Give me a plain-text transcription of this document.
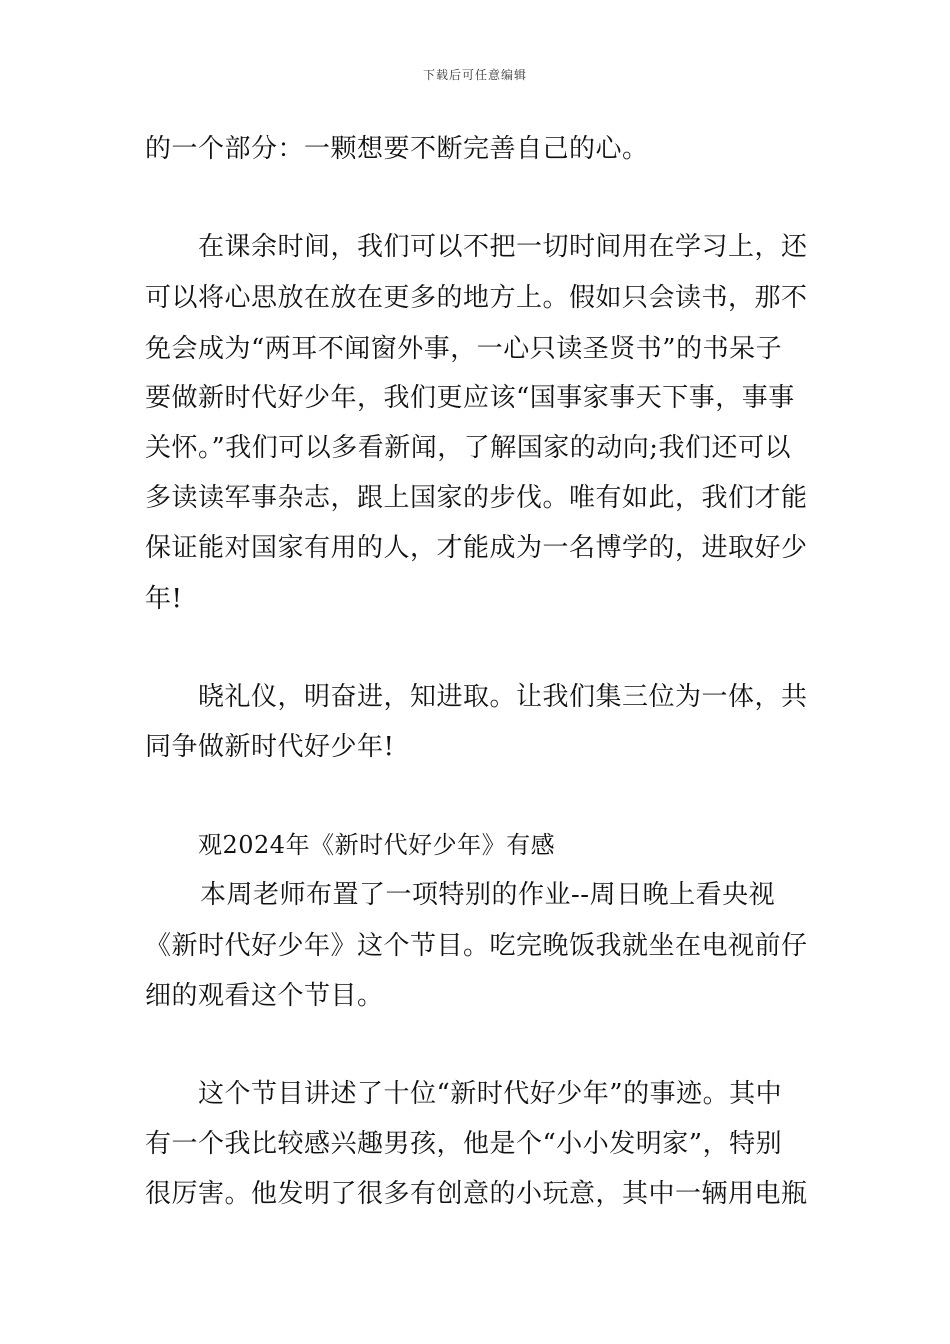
下载后可任意编辑
的一个部分：一颗想要不断完善自己的心。
在课余时间，我们可以不把一切时间用在学习上，还
可以将心思放在放在更多的地方上。假如只会读书，那不
免会成为“两耳不闻窗外事，一心只读圣贤书”的书呆子
要做新时代好少年，我们更应该“国事家事天下事，事事
关怀。”我们可以多看新闻，了解国家的动向;我们还可以
多读读军事杂志，跟上国家的步伐。唯有如此，我们才能
保证能对国家有用的人，才能成为一名博学的，进取好少
年!
晓礼仪，明奋进，知进取。让我们集三位为一体，共
同争做新时代好少年!
观2024年《新时代好少年》有感
本周老师布置了一项特别的作业--周日晚上看央视
《新时代好少年》这个节目。吃完晚饭我就坐在电视前仔
细的观看这个节目。
这个节目讲述了十位“新时代好少年”的事迹。其中
有一个我比较感兴趣男孩，他是个“小小发明家”，特别
很厉害。他发明了很多有创意的小玩意，其中一辆用电瓶
